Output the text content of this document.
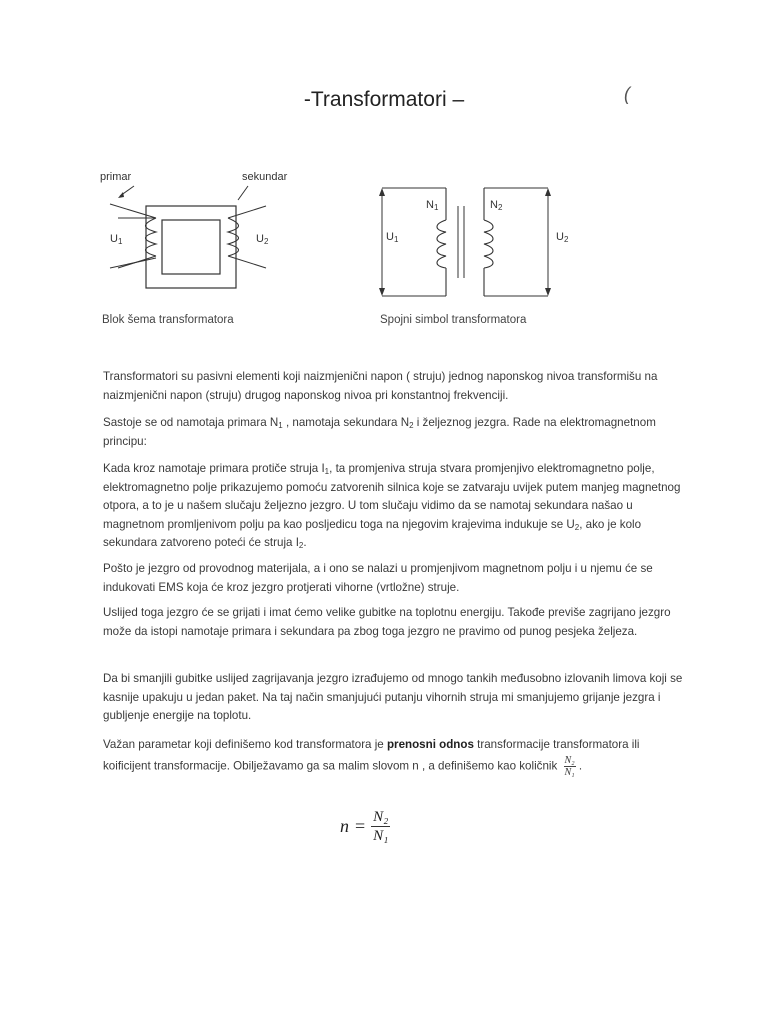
-Transformatori –	(
primar	sekundar
U1	U2
Blok šema transformatora
N1	N2
U1	U2
Spojni simbol transformatora
Transformatori su pasivni elementi koji naizmjenični napon ( struju) jednog naponskog nivoa transformišu na naizmjenični napon (struju) drugog naponskog nivoa pri konstantnoj frekvenciji.
Sastoje se od namotaja primara $N_1$ , namotaja sekundara $N_2$ i željeznog jezgra. Rade na elektromagnetnom principu:
Kada kroz namotaje primara protiče struja $I_1$, ta promjeniva struja stvara promjenjivo elektromagnetno polje, elektromagnetno polje prikazujemo pomoću zatvorenih silnica koje se zatvaraju uvijek putem manjeg magnetnog otpora, a to je u našem slučaju željezno jezgro. U tom slučaju vidimo da se namotaj sekundara našao u magnetnom promljenivom polju pa kao posljedicu toga na njegovim krajevima indukuje se $U_2$, ako je kolo sekundara zatvoreno poteći će struja $I_2$.
Pošto je jezgro od provodnog materijala, a i ono se nalazi u promjenjivom magnetnom polju i u njemu će se indukovati EMS koja će kroz jezgro protjerati vihorne (vrtložne) struje.
Uslijed toga jezgro će se grijati i imat ćemo velike gubitke na toplotnu energiju. Takođe previše zagrijano jezgro može da istopi namotaje primara i sekundara pa zbog toga jezgro ne pravimo od punog pesjeka željeza.
Da bi smanjili gubitke uslijed zagrijavanja jezgro izrađujemo od mnogo tankih međusobno izlovanih limova koji se kasnije upakuju u jedan paket. Na taj način smanjujući putanju vihornih struja mi smanjujemo grijanje jezgra i gubljenje energije na toplotu.
Važan parametar koji definišemo kod transformatora je prenosni odnos transformacije transformatora ili koificijent transformacije. Obilježavamo ga sa malim slovom n , a definišemo kao količnik $\frac{\text{N₂}}{\text{N₁}}$ .
$n = \frac{\text{N₂}}{\text{N₁}}$
